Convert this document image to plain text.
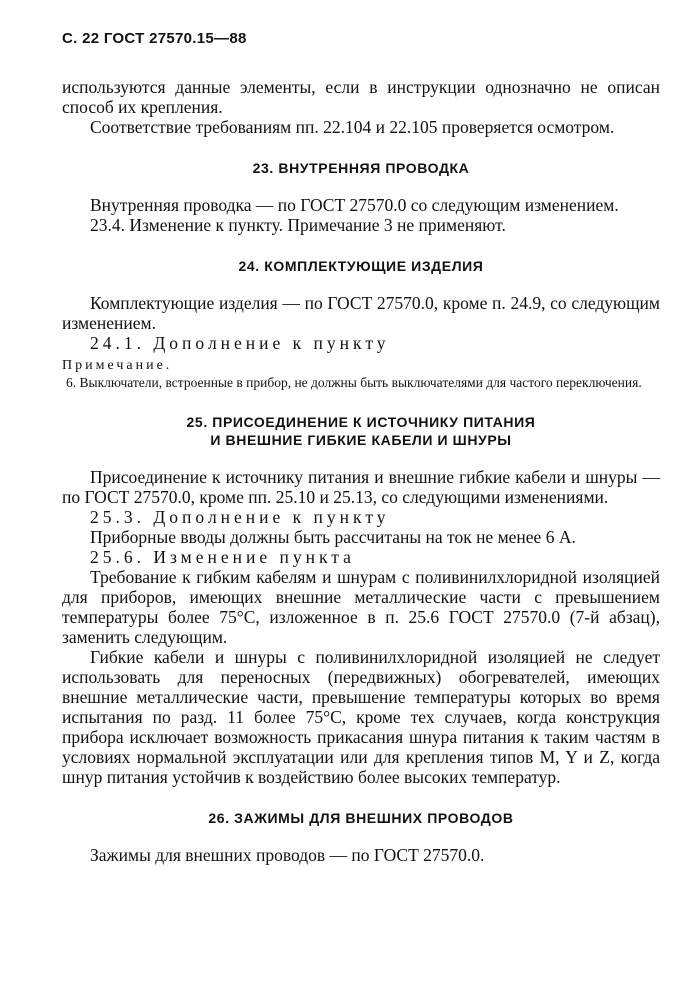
С. 22 ГОСТ 27570.15—88

используются данные элементы, если в инструкции однозначно не описан способ их крепления.

Соответствие требованиям пп. 22.104 и 22.105 проверяется осмотром.

23. ВНУТРЕННЯЯ ПРОВОДКА

Внутренняя проводка — по ГОСТ 27570.0 со следующим изменением.

23.4. Изменение к пункту. Примечание 3 не применяют.

24. КОМПЛЕКТУЮЩИЕ ИЗДЕЛИЯ

Комплектующие изделия — по ГОСТ 27570.0, кроме п. 24.9, со следующим изменением.

24.1. Дополнение к пункту

Примечание.
6. Выключатели, встроенные в прибор, не должны быть выключателями для частого переключения.
25. ПРИСОЕДИНЕНИЕ К ИСТОЧНИКУ ПИТАНИЯ
И ВНЕШНИЕ ГИБКИЕ КАБЕЛИ И ШНУРЫ

Присоединение к источнику питания и внешние гибкие кабели и шнуры — по ГОСТ 27570.0, кроме пп. 25.10 и 25.13, со следующими изменениями.

25.3. Дополнение к пункту

Приборные вводы должны быть рассчитаны на ток не менее 6 А.

25.6. Изменение пункта

Требование к гибким кабелям и шнурам с поливинилхлоридной изоляцией для приборов, имеющих внешние металлические части с превышением температуры более 75°С, изложенное в п. 25.6 ГОСТ 27570.0 (7-й абзац), заменить следующим.

Гибкие кабели и шнуры с поливинилхлоридной изоляцией не следует использовать для переносных (передвижных) обогревателей, имеющих внешние металлические части, превышение температуры которых во время испытания по разд. 11 более 75°С, кроме тех случаев, когда конструкция прибора исключает возможность прикасания шнура питания к таким частям в условиях нормальной эксплуатации или для крепления типов M, Y и Z, когда шнур питания устойчив к воздействию более высоких температур.

26. ЗАЖИМЫ ДЛЯ ВНЕШНИХ ПРОВОДОВ

Зажимы для внешних проводов — по ГОСТ 27570.0.
